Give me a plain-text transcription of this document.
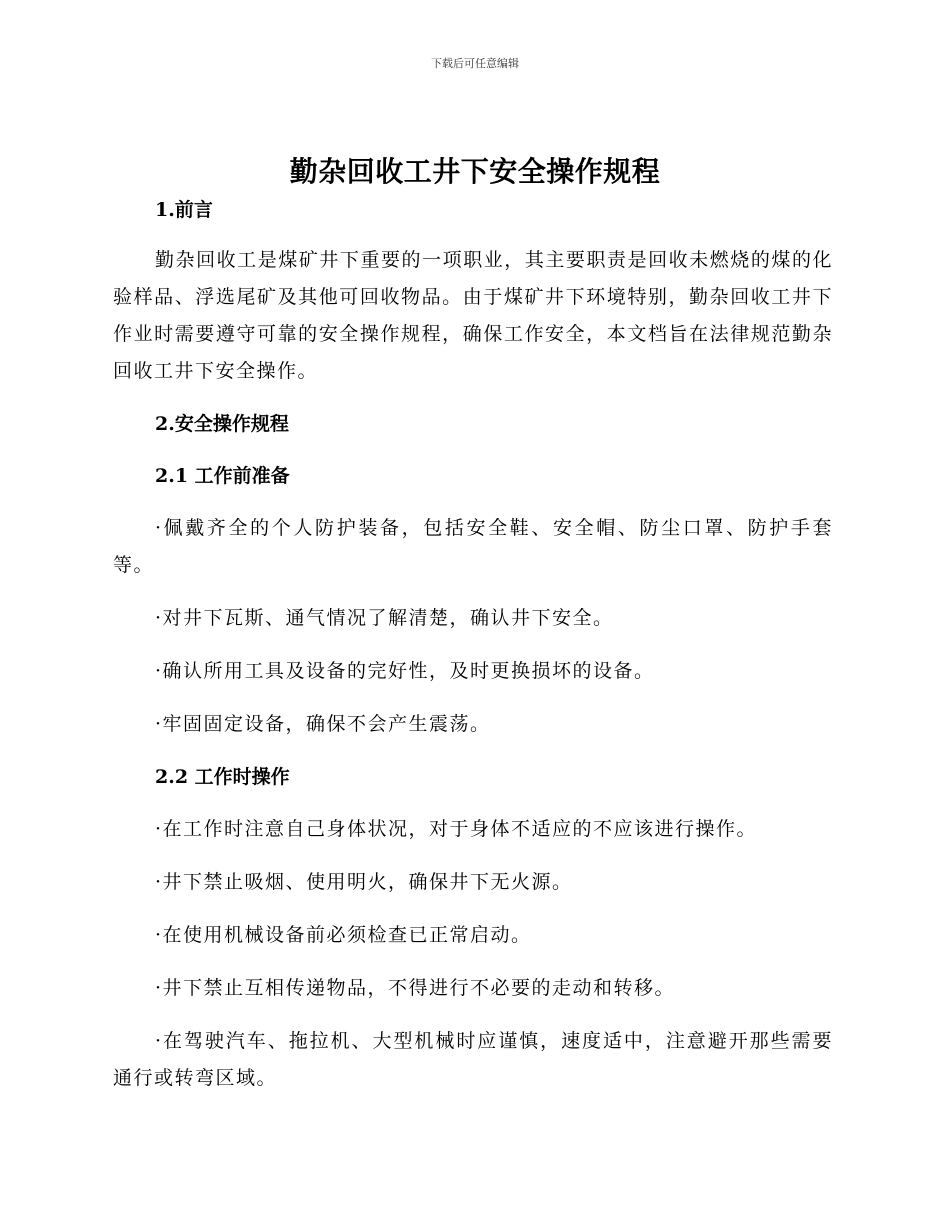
下载后可任意编辑
勤杂回收工井下安全操作规程
1.前言

勤杂回收工是煤矿井下重要的一项职业，其主要职责是回收未燃烧的煤的化验样品、浮选尾矿及其他可回收物品。由于煤矿井下环境特别，勤杂回收工井下作业时需要遵守可靠的安全操作规程，确保工作安全，本文档旨在法律规范勤杂回收工井下安全操作。

2.安全操作规程
2.1 工作前准备

·佩戴齐全的个人防护装备，包括安全鞋、安全帽、防尘口罩、防护手套等。

·对井下瓦斯、通气情况了解清楚，确认井下安全。

·确认所用工具及设备的完好性，及时更换损坏的设备。

·牢固固定设备，确保不会产生震荡。

2.2 工作时操作

·在工作时注意自己身体状况，对于身体不适应的不应该进行操作。

·井下禁止吸烟、使用明火，确保井下无火源。

·在使用机械设备前必须检查已正常启动。

·井下禁止互相传递物品，不得进行不必要的走动和转移。

·在驾驶汽车、拖拉机、大型机械时应谨慎，速度适中，注意避开那些需要通行或转弯区域。
